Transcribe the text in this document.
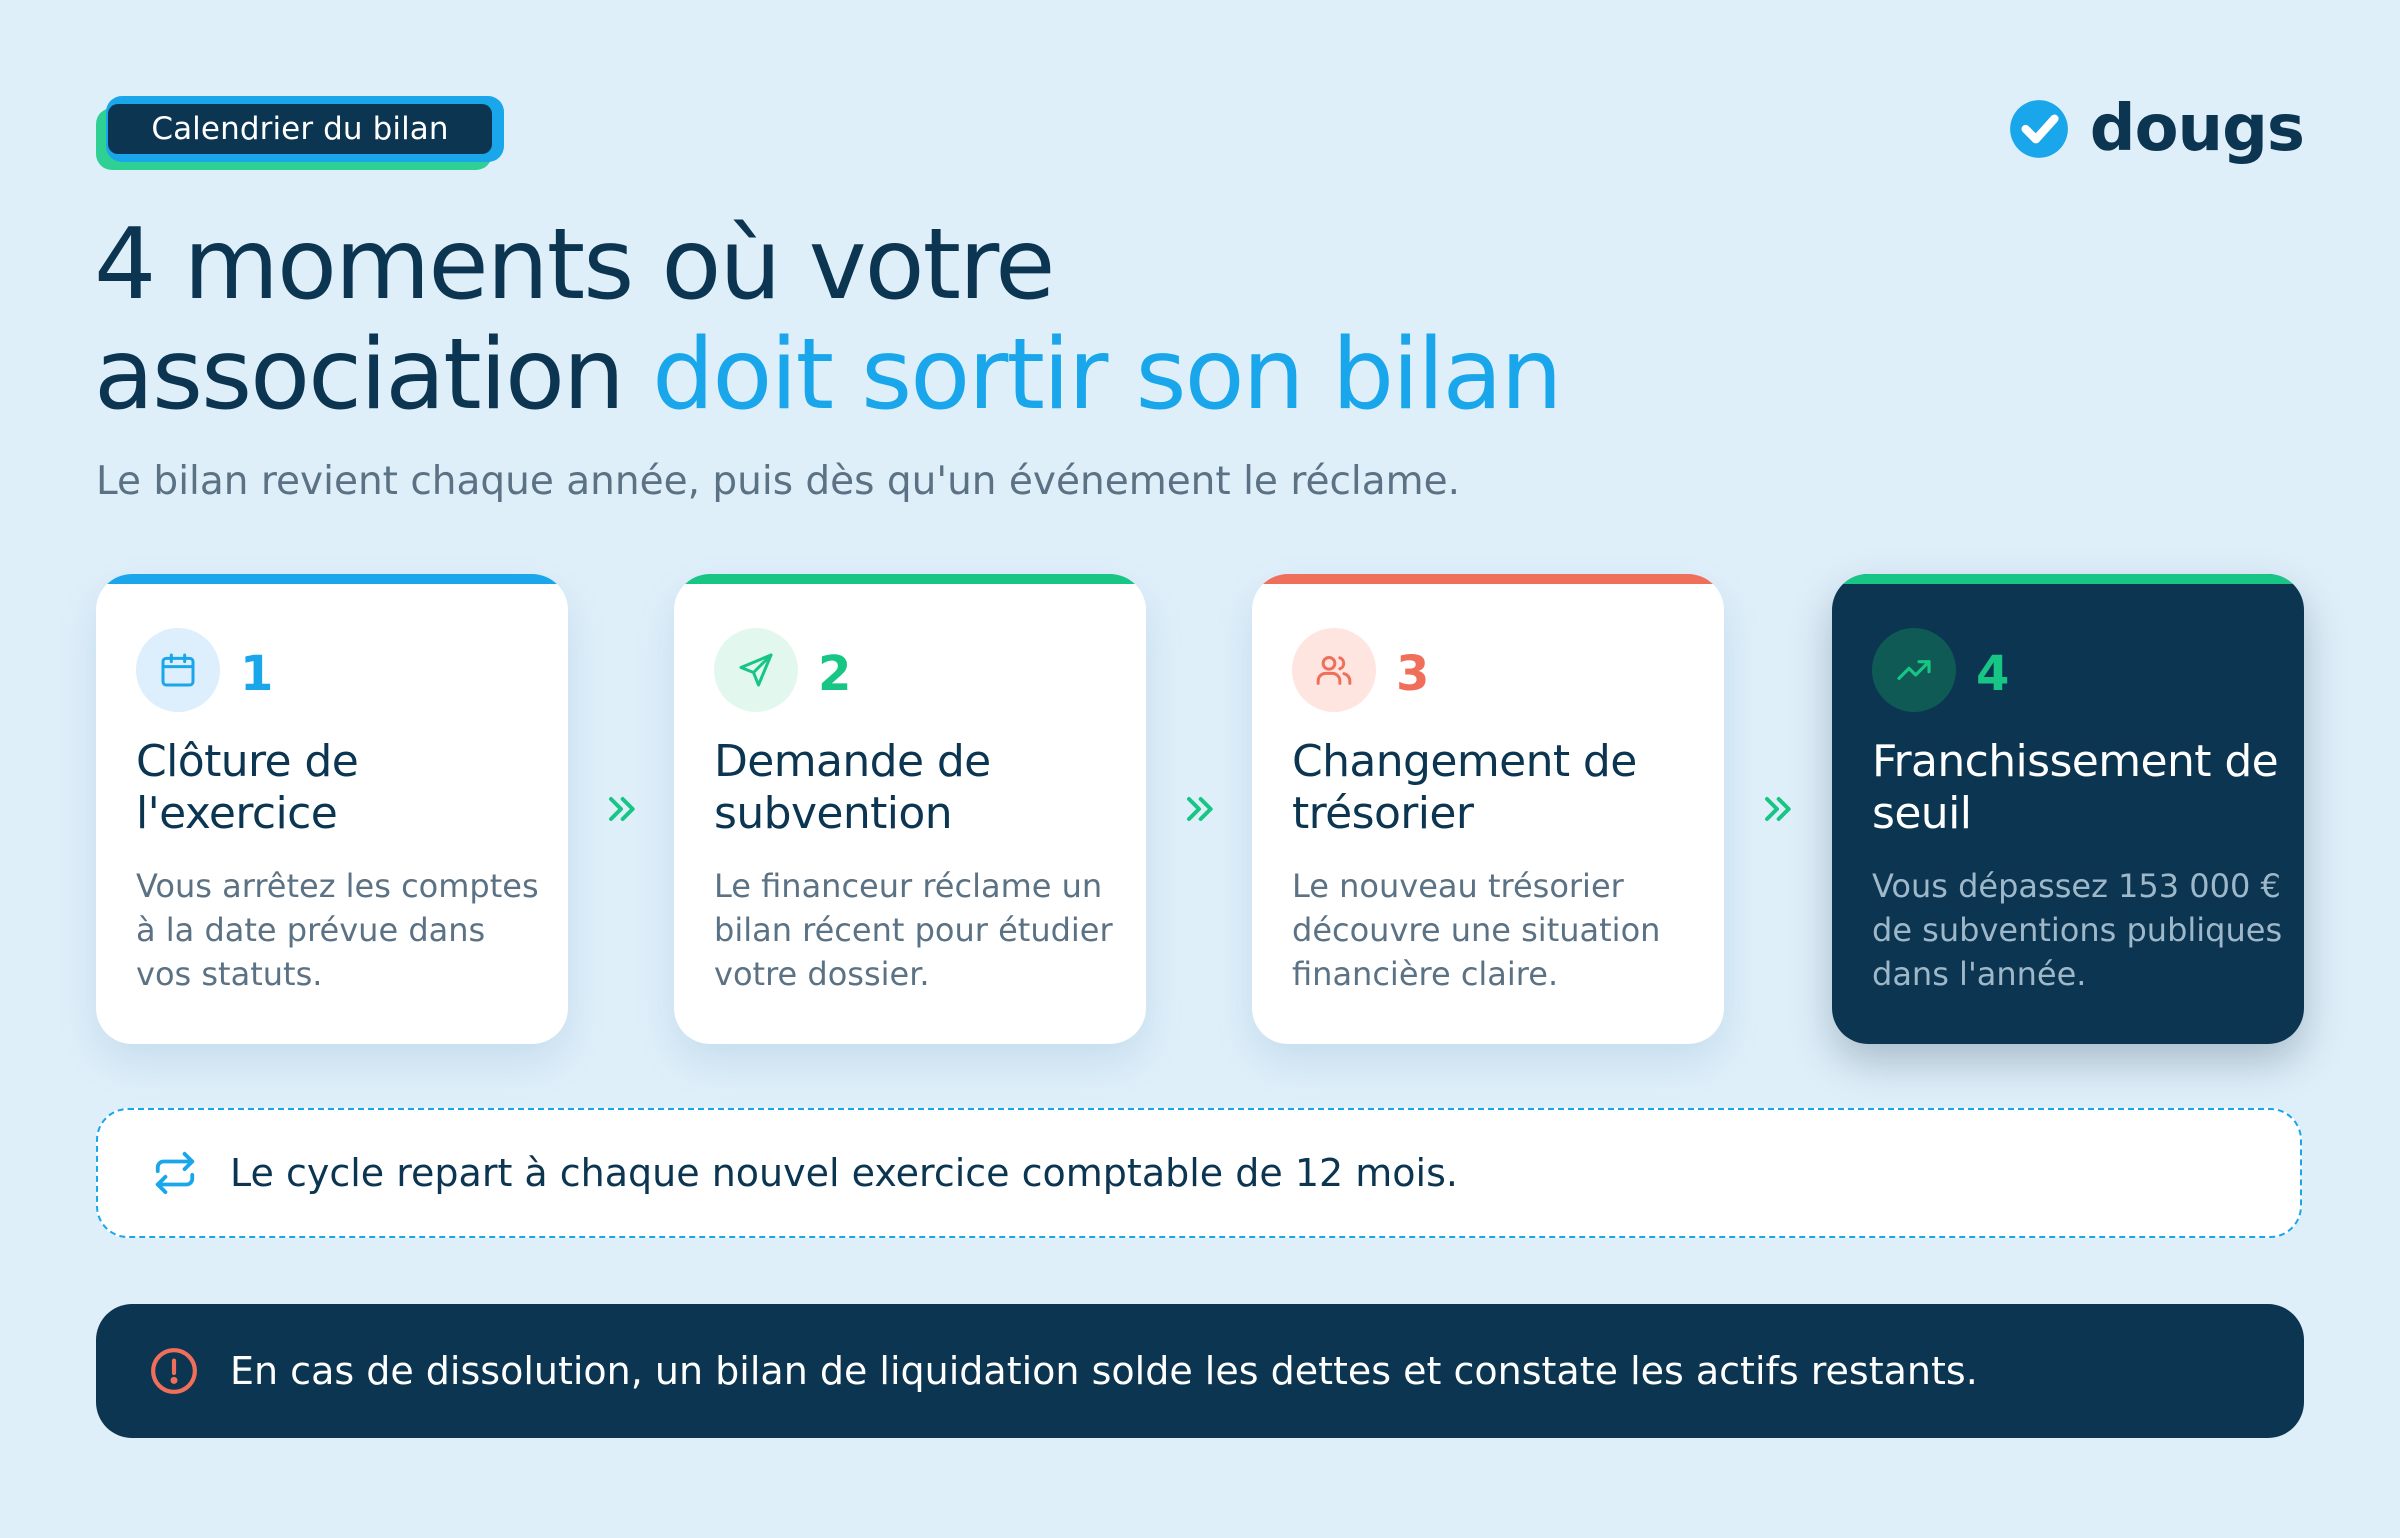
Calendrier du bilan	dougs
4 moments où votre
association doit sortir son bilan
Le bilan revient chaque année, puis dès qu'un événement le réclame.
1
Clôture de l'exercice
Vous arrêtez les comptes à la date prévue dans vos statuts.
2
Demande de subvention
Le financeur réclame un bilan récent pour étudier votre dossier.
3
Changement de trésorier
Le nouveau trésorier découvre une situation financière claire.
4
Franchissement de seuil
Vous dépassez 153 000 € de subventions publiques dans l'année.
Le cycle repart à chaque nouvel exercice comptable de 12 mois.
En cas de dissolution, un bilan de liquidation solde les dettes et constate les actifs restants.
